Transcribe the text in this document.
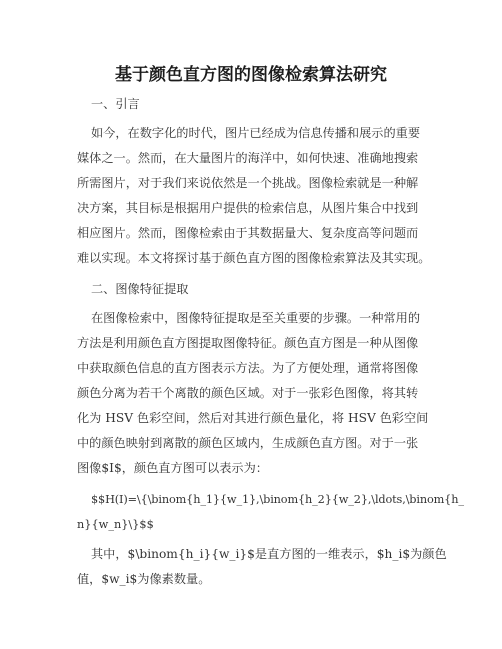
基于颜色直方图的图像检索算法研究
一、引言
如今，在数字化的时代，图片已经成为信息传播和展示的重要
媒体之一。然而，在大量图片的海洋中，如何快速、准确地搜索
所需图片，对于我们来说依然是一个挑战。图像检索就是一种解
决方案，其目标是根据用户提供的检索信息，从图片集合中找到
相应图片。然而，图像检索由于其数据量大、复杂度高等问题而
难以实现。本文将探讨基于颜色直方图的图像检索算法及其实现。
二、图像特征提取
在图像检索中，图像特征提取是至关重要的步骤。一种常用的
方法是利用颜色直方图提取图像特征。颜色直方图是一种从图像
中获取颜色信息的直方图表示方法。为了方便处理，通常将图像
颜色分离为若干个离散的颜色区域。对于一张彩色图像，将其转
化为 HSV 色彩空间，然后对其进行颜色量化，将 HSV 色彩空间
中的颜色映射到离散的颜色区域内，生成颜色直方图。对于一张
图像$I$，颜色直方图可以表示为：
$$H(I)=\{\binom{h_1}{w_1},\binom{h_2}{w_2},\ldots,\binom{h_
n}{w_n}\}$$
其中，$\binom{h_i}{w_i}$是直方图的一维表示，$h_i$为颜色
值，$w_i$为像素数量。
